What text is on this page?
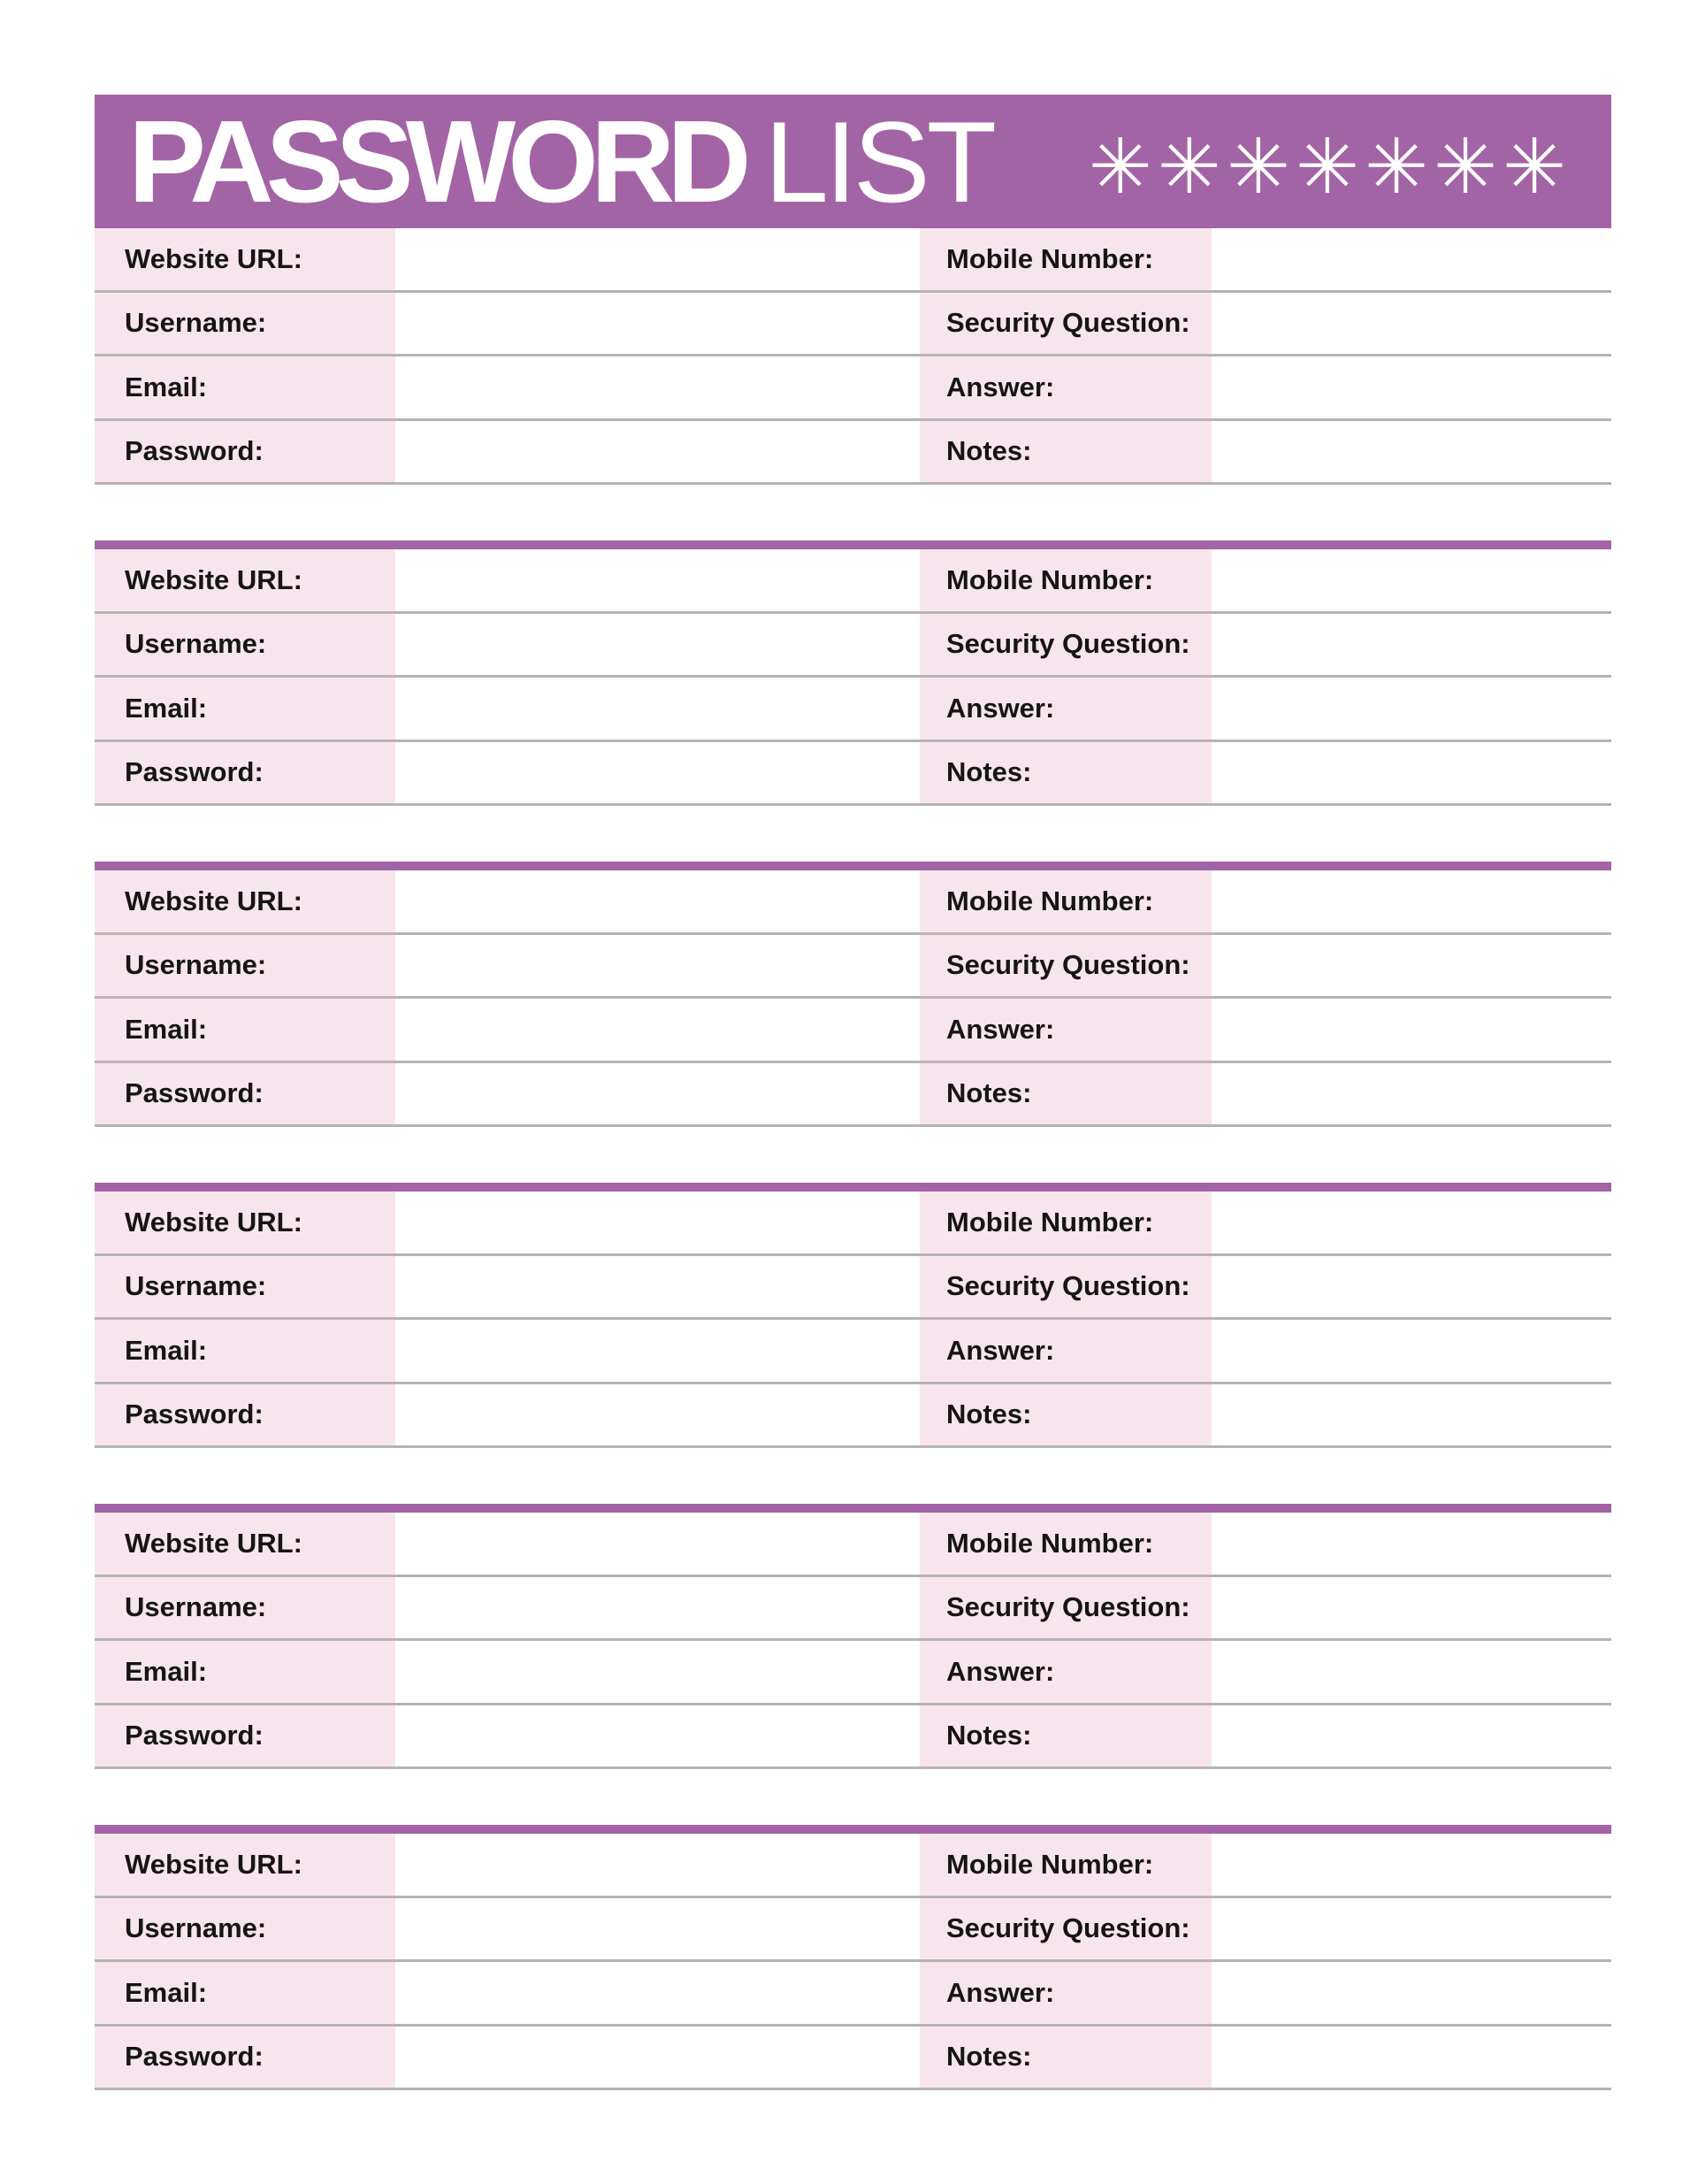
PASSWORD LIST ✳✳✳✳✳✳✳
Website URL:	Mobile Number:
Username:	Security Question:
Email:	Answer:
Password:	Notes:
Website URL:	Mobile Number:
Username:	Security Question:
Email:	Answer:
Password:	Notes:
Website URL:	Mobile Number:
Username:	Security Question:
Email:	Answer:
Password:	Notes:
Website URL:	Mobile Number:
Username:	Security Question:
Email:	Answer:
Password:	Notes:
Website URL:	Mobile Number:
Username:	Security Question:
Email:	Answer:
Password:	Notes:
Website URL:	Mobile Number:
Username:	Security Question:
Email:	Answer:
Password:	Notes:
